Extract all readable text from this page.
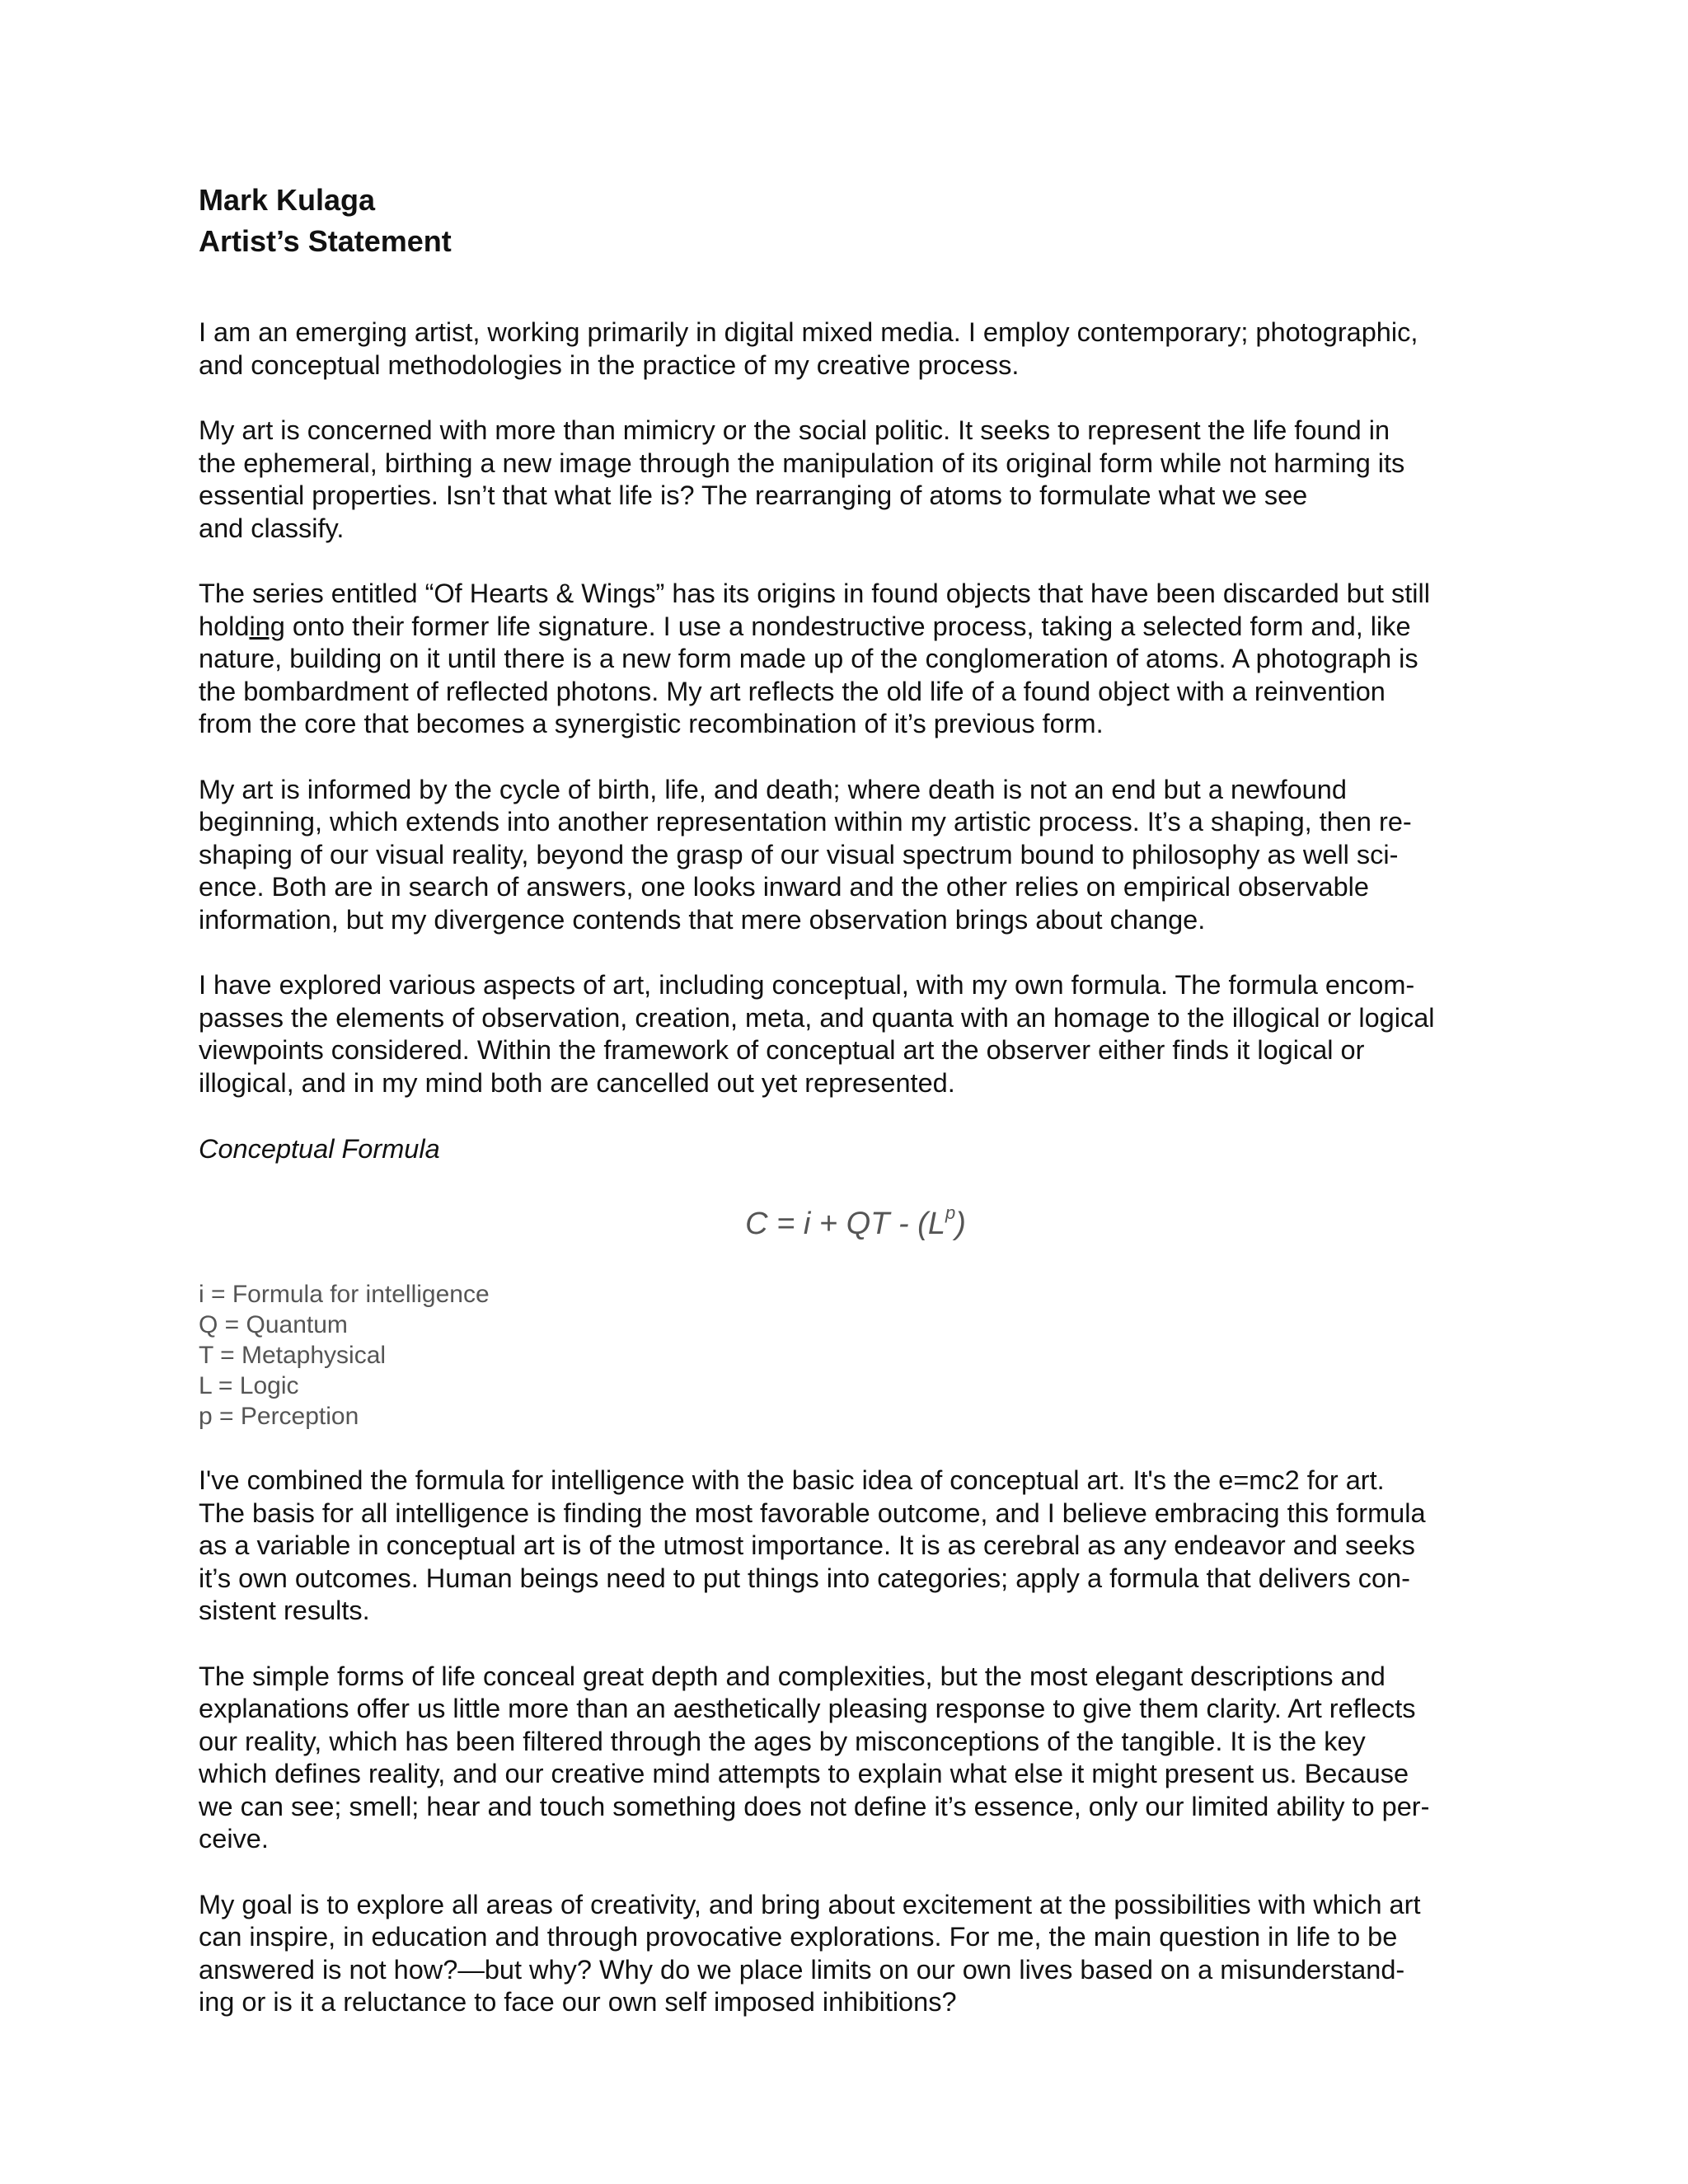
Mark Kulaga
Artist’s Statement

I am an emerging artist, working primarily in digital mixed media. I employ contemporary; photographic,
and conceptual methodologies in the practice of my creative process.

My art is concerned with more than mimicry or the social politic. It seeks to represent the life found in
the ephemeral, birthing a new image through the manipulation of its original form while not harming its
essential properties. Isn’t that what life is? The rearranging of atoms to formulate what we see
and classify.

The series entitled “Of Hearts & Wings” has its origins in found objects that have been discarded but still
holding onto their former life signature. I use a nondestructive process, taking a selected form and, like
nature, building on it until there is a new form made up of the conglomeration of atoms. A photograph is
the bombardment of reflected photons. My art reflects the old life of a found object with a reinvention
from the core that becomes a synergistic recombination of it’s previous form.

My art is informed by the cycle of birth, life, and death; where death is not an end but a newfound
beginning, which extends into another representation within my artistic process. It’s a shaping, then re-
shaping of our visual reality, beyond the grasp of our visual spectrum bound to philosophy as well sci-
ence. Both are in search of answers, one looks inward and the other relies on empirical observable
information, but my divergence contends that mere observation brings about change.

I have explored various aspects of art, including conceptual, with my own formula. The formula encom-
passes the elements of observation, creation, meta, and quanta with an homage to the illogical or logical
viewpoints considered. Within the framework of conceptual art the observer either finds it logical or
illogical, and in my mind both are cancelled out yet represented.

Conceptual Formula

C = i + QT - $(L^p)$
i = Formula for intelligence
Q = Quantum
T = Metaphysical
L = Logic
p = Perception

I've combined the formula for intelligence with the basic idea of conceptual art. It's the e=mc2 for art.
The basis for all intelligence is finding the most favorable outcome, and I believe embracing this formula
as a variable in conceptual art is of the utmost importance. It is as cerebral as any endeavor and seeks
it’s own outcomes. Human beings need to put things into categories; apply a formula that delivers con-
sistent results.

The simple forms of life conceal great depth and complexities, but the most elegant descriptions and
explanations offer us little more than an aesthetically pleasing response to give them clarity. Art reflects
our reality, which has been filtered through the ages by misconceptions of the tangible. It is the key
which defines reality, and our creative mind attempts to explain what else it might present us. Because
we can see; smell; hear and touch something does not define it’s essence, only our limited ability to per-
ceive.

My goal is to explore all areas of creativity, and bring about excitement at the possibilities with which art
can inspire, in education and through provocative explorations. For me, the main question in life to be
answered is not how?—but why? Why do we place limits on our own lives based on a misunderstand-
ing or is it a reluctance to face our own self imposed inhibitions?
